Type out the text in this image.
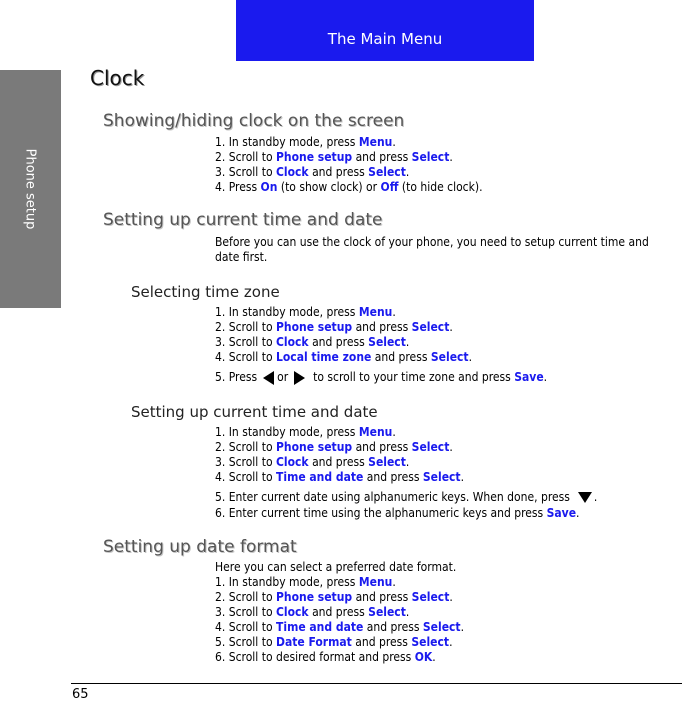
The Main Menu
Phone setup
Clock
Showing/hiding clock on the screen
1. In standby mode, press Menu.
2. Scroll to Phone setup and press Select.
3. Scroll to Clock and press Select.
4. Press On (to show clock) or Off (to hide clock).
Setting up current time and date
Before you can use the clock of your phone, you need to setup current time and date first.
Selecting time zone
1. In standby mode, press Menu.
2. Scroll to Phone setup and press Select.
3. Scroll to Clock and press Select.
4. Scroll to Local time zone and press Select.
5. Press or to scroll to your time zone and press Save.
Setting up current time and date
1. In standby mode, press Menu.
2. Scroll to Phone setup and press Select.
3. Scroll to Clock and press Select.
4. Scroll to Time and date and press Select.
5. Enter current date using alphanumeric keys. When done, press .
6. Enter current time using the alphanumeric keys and press Save.
Setting up date format
Here you can select a preferred date format.
1. In standby mode, press Menu.
2. Scroll to Phone setup and press Select.
3. Scroll to Clock and press Select.
4. Scroll to Time and date and press Select.
5. Scroll to Date Format and press Select.
6. Scroll to desired format and press OK.
65
